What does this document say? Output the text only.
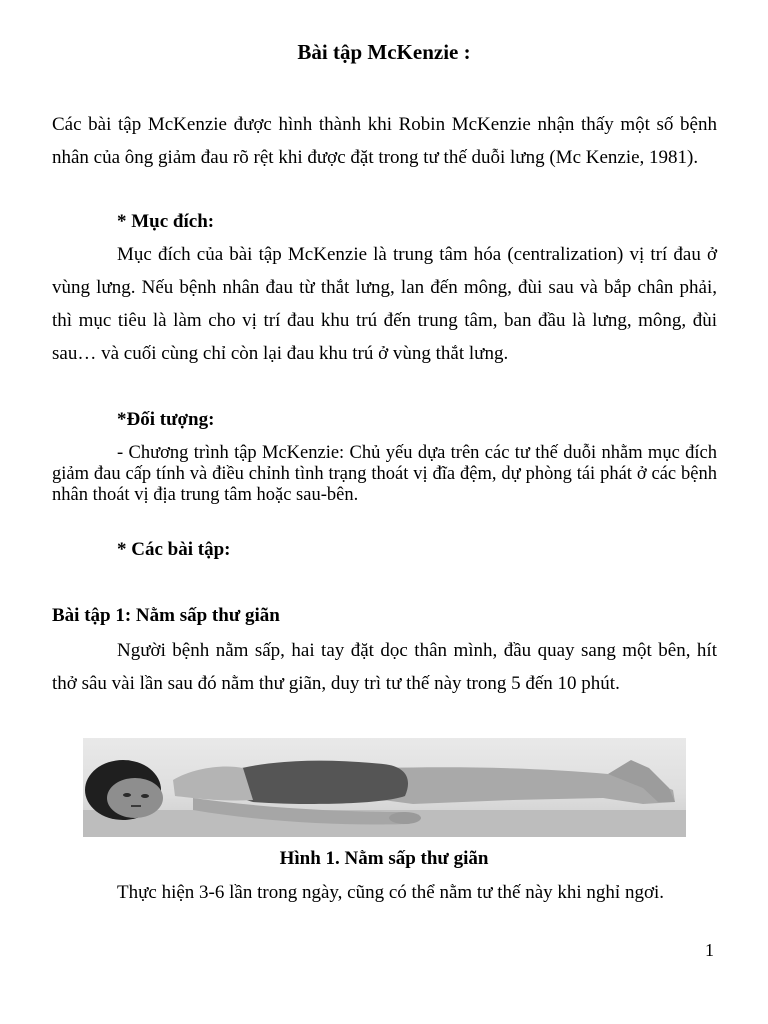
Bài tập McKenzie :
Các bài tập McKenzie được hình thành khi Robin McKenzie nhận thấy một số bệnh nhân của ông giảm đau rõ rệt khi được đặt trong tư thế duỗi lưng (Mc Kenzie, 1981).
* Mục đích:
Mục đích của bài tập McKenzie là trung tâm hóa (centralization) vị trí đau ở vùng lưng. Nếu bệnh nhân đau từ thắt lưng, lan đến mông, đùi sau và bắp chân phải, thì mục tiêu là làm cho vị trí đau khu trú đến trung tâm, ban đầu là lưng, mông, đùi sau… và cuối cùng chỉ còn lại đau khu trú ở vùng thắt lưng.
*Đối tượng:
- Chương trình tập McKenzie: Chủ yếu dựa trên các tư thế duỗi nhằm mục đích giảm đau cấp tính và điều chỉnh tình trạng thoát vị đĩa đệm, dự phòng tái phát ở các bệnh nhân thoát vị địa trung tâm hoặc sau-bên.
* Các bài tập:
Bài tập 1: Nằm sấp thư giãn
Người bệnh nằm sấp, hai tay đặt dọc thân mình, đầu quay sang một bên, hít thở sâu vài lần sau đó nằm thư giãn, duy trì tư thế này trong 5 đến 10 phút.
Hình 1. Nằm sấp thư giãn
Thực hiện 3-6 lần trong ngày, cũng có thể nằm tư thế này khi nghỉ ngơi.
1
